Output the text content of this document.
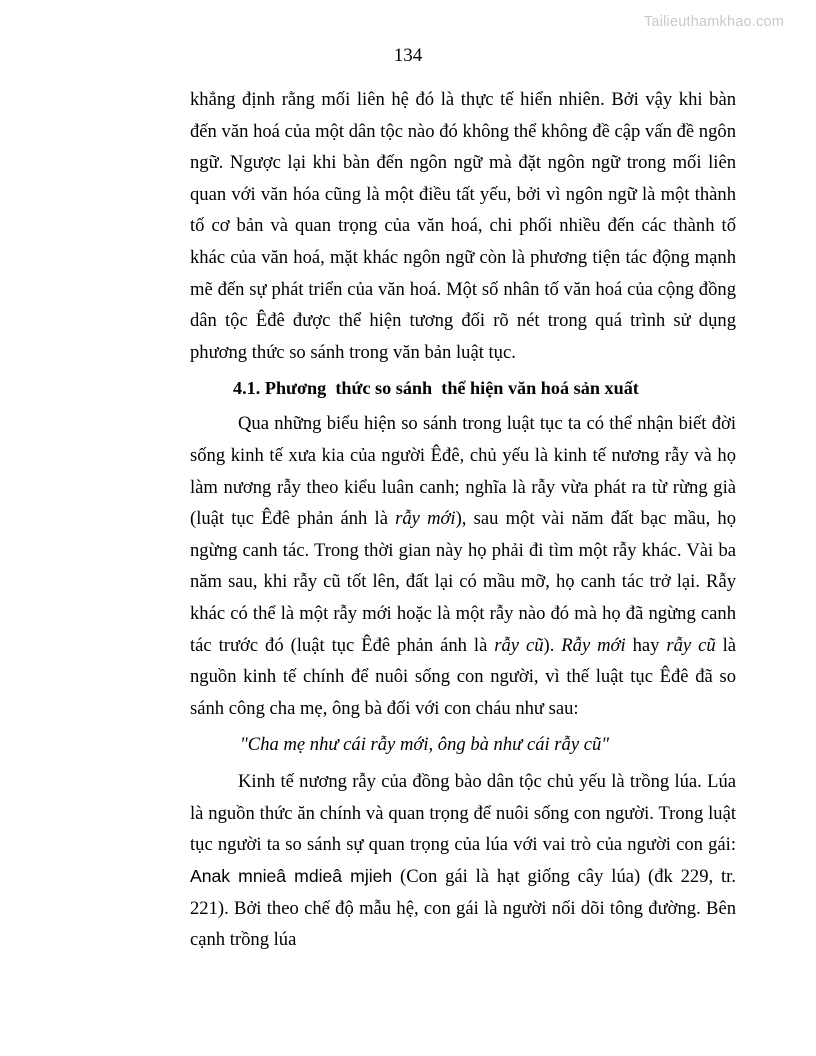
Tailieuthamkhao.com
134

khẳng định rằng mối liên hệ đó là thực tế hiển nhiên. Bởi vậy khi bàn đến văn hoá của một dân tộc nào đó không thể không đề cập vấn đề ngôn ngữ. Ngược lại khi bàn đến ngôn ngữ mà đặt ngôn ngữ trong mối liên quan với văn hóa cũng là một điều tất yếu, bởi vì ngôn ngữ là một thành tố cơ bản và quan trọng của văn hoá, chi phối nhiều đến các thành tố khác của văn hoá, mặt khác ngôn ngữ còn là phương tiện tác động mạnh mẽ đến sự phát triển của văn hoá. Một số nhân tố văn hoá của cộng đồng dân tộc Êđê được thể hiện tương đối rõ nét trong quá trình sử dụng phương thức so sánh trong văn bản luật tục.

4.1. Phương  thức so sánh  thể hiện văn hoá sản xuất

Qua những biểu hiện so sánh trong luật tục ta có thể nhận biết đời sống kinh tế xưa kia của người Êđê, chủ yếu là kinh tế nương rẫy và họ làm nương rẫy theo kiểu luân canh; nghĩa là rẫy vừa phát ra từ rừng già (luật tục Êđê phản ánh là rẫy mới), sau một vài năm đất bạc mầu, họ ngừng canh tác. Trong thời gian này họ phải đi tìm một rẫy khác. Vài ba năm sau, khi rẫy cũ tốt lên, đất lại có mầu mỡ, họ canh tác trở lại. Rẫy khác có thể là một rẫy mới hoặc là một rẫy nào đó mà họ đã ngừng canh tác trước đó (luật tục Êđê phản ánh là rẫy cũ). Rẫy mới hay rẫy cũ là nguồn kinh tế chính để nuôi sống con người, vì thế luật tục Êđê đã so sánh công cha mẹ, ông bà đối với con cháu như sau:

"Cha mẹ như cái rẫy mới, ông bà như cái rẫy cũ"

Kinh tế nương rẫy của đồng bào dân tộc chủ yếu là trồng lúa. Lúa là nguồn thức ăn chính và quan trọng để nuôi sống con người. Trong luật tục người ta so sánh sự quan trọng của lúa với vai trò của người con gái: Anak mnieâ mdieâ mjieh (Con gái là hạt giống cây lúa) (đk 229, tr. 221). Bởi theo chế độ mẫu hệ, con gái là người nối dõi tông đường. Bên cạnh trồng lúa
